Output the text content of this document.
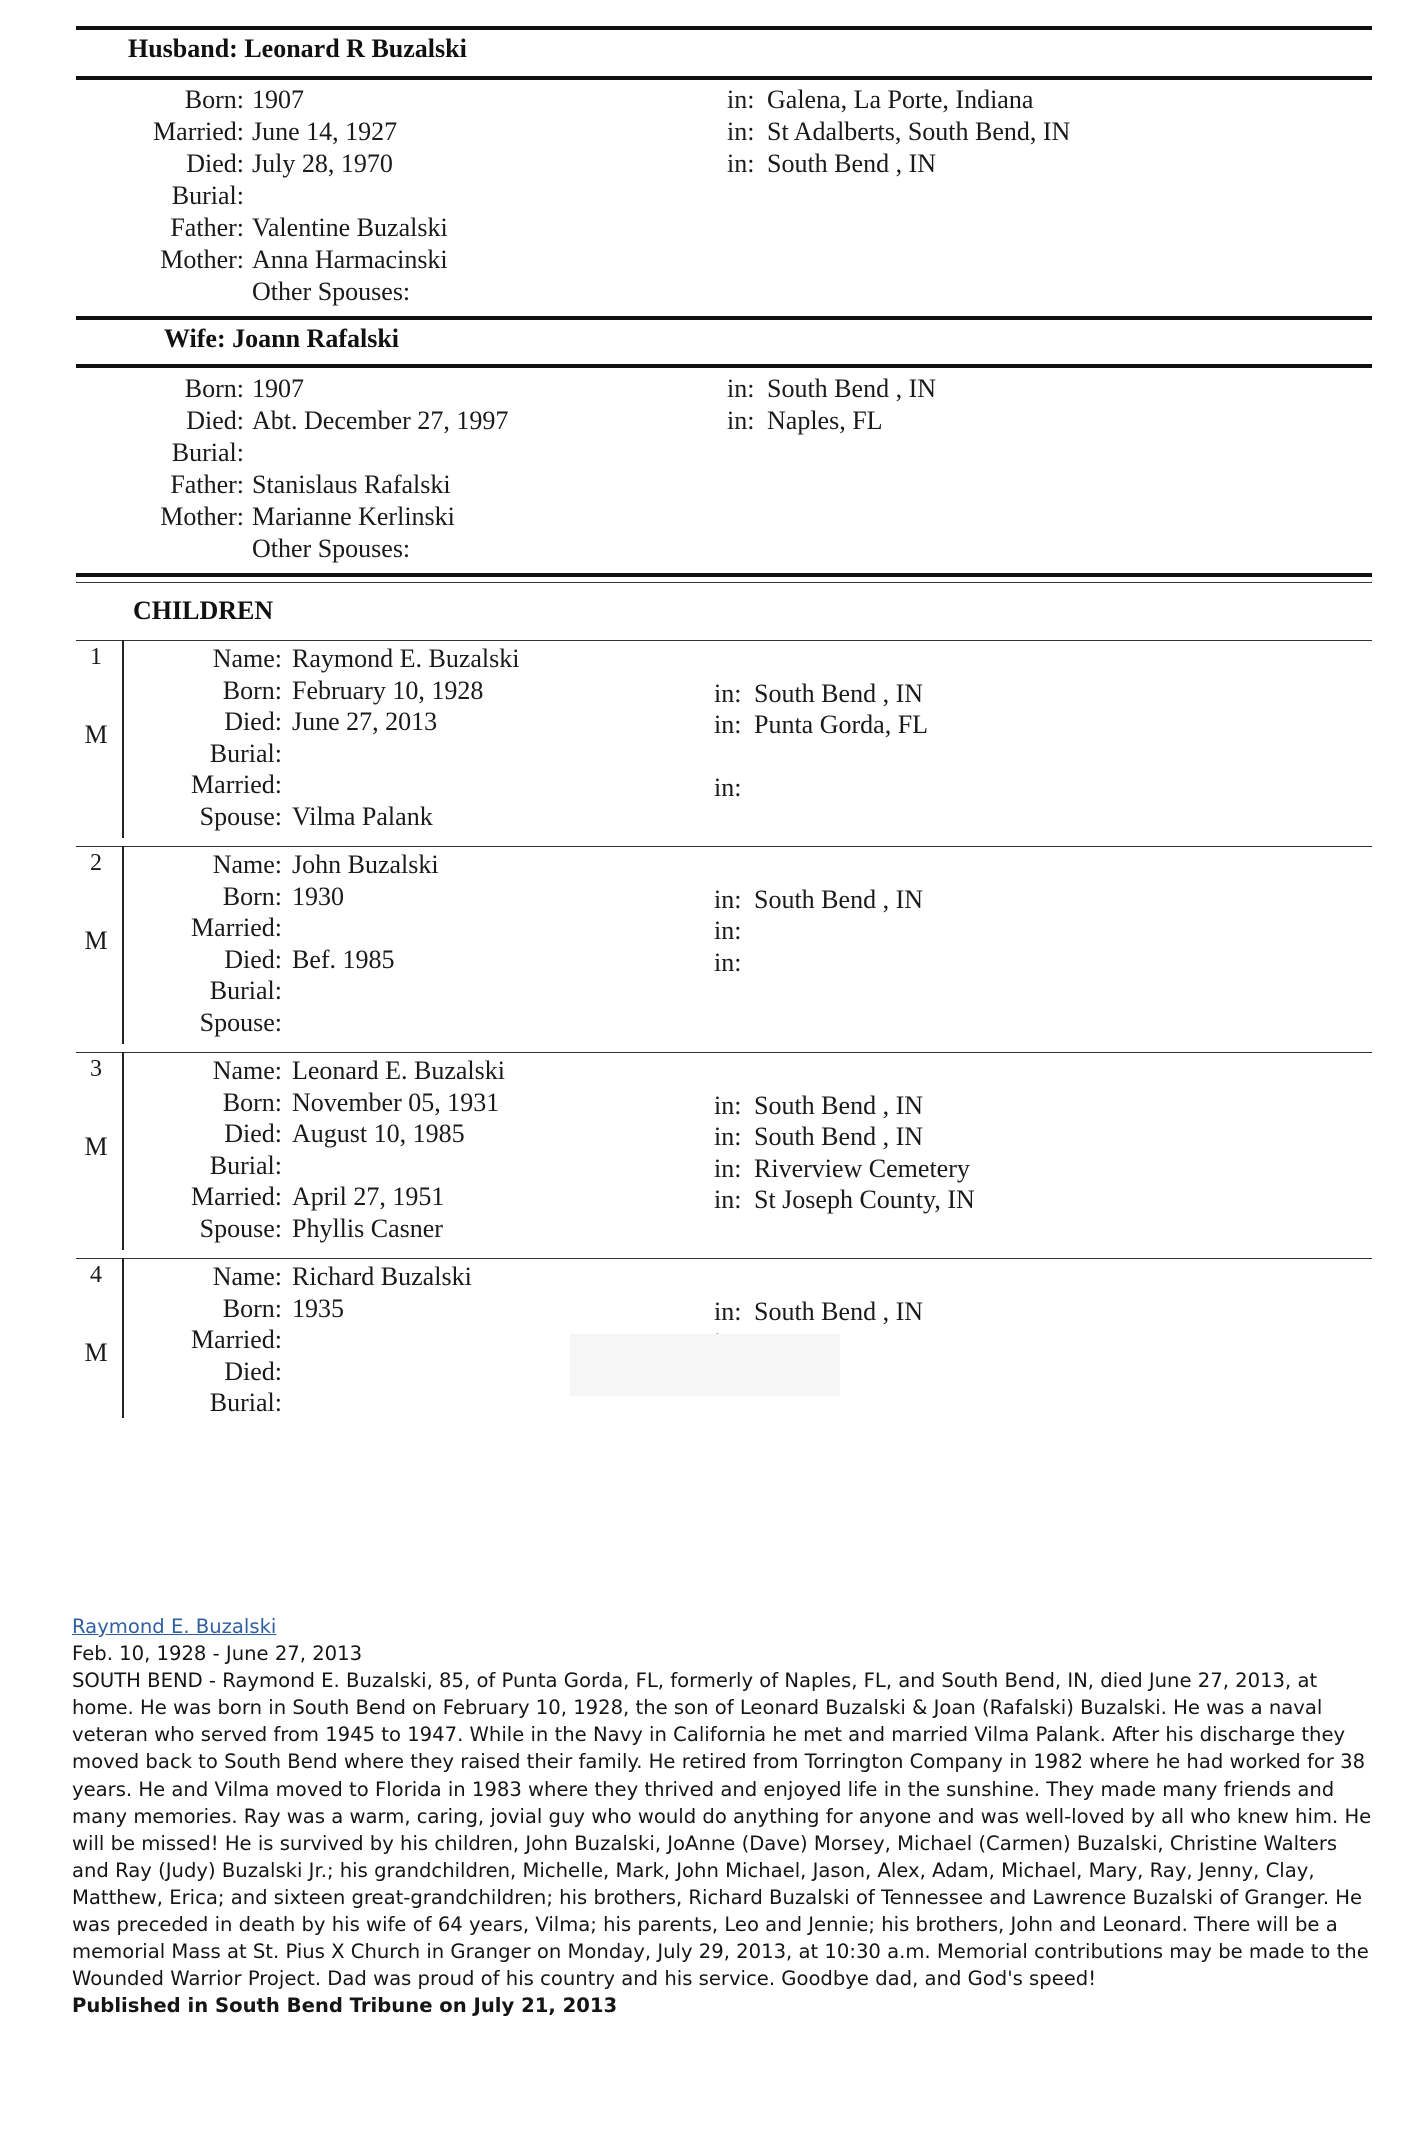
Husband: Leonard R Buzalski
Born: 1907	in: Galena, La Porte, Indiana
Married: June 14, 1927	in: St Adalberts, South Bend, IN
Died: July 28, 1970	in: South Bend , IN
Burial:
Father: Valentine Buzalski
Mother: Anna Harmacinski
Other Spouses:
Wife: Joann Rafalski
Born: 1907	in: South Bend , IN
Died: Abt. December 27, 1997	in: Naples, FL
Burial:
Father: Stanislaus Rafalski
Mother: Marianne Kerlinski
Other Spouses:
CHILDREN
1
M
Name: Raymond E. Buzalski
Born: February 10, 1928	in: South Bend , IN
Died: June 27, 2013	in: Punta Gorda, FL
Burial:
Married:	in:
Spouse: Vilma Palank
2
M
Name: John Buzalski
Born: 1930	in: South Bend , IN
Married:	in:
Died: Bef. 1985	in:
Burial:
Spouse:
3
M
Name: Leonard E. Buzalski
Born: November 05, 1931	in: South Bend , IN
Died: August 10, 1985	in: South Bend , IN
Burial:	in: Riverview Cemetery
Married: April 27, 1951	in: St Joseph County, IN
Spouse: Phyllis Casner
4
M
Name: Richard Buzalski
Born: 1935	in: South Bend , IN
Married:
Died:
Burial:
Raymond E. Buzalski
Feb. 10, 1928 - June 27, 2013
SOUTH BEND - Raymond E. Buzalski, 85, of Punta Gorda, FL, formerly of Naples, FL, and South Bend, IN, died June 27, 2013, at home. He was born in South Bend on February 10, 1928, the son of Leonard Buzalski & Joan (Rafalski) Buzalski. He was a naval veteran who served from 1945 to 1947. While in the Navy in California he met and married Vilma Palank. After his discharge they moved back to South Bend where they raised their family. He retired from Torrington Company in 1982 where he had worked for 38 years. He and Vilma moved to Florida in 1983 where they thrived and enjoyed life in the sunshine. They made many friends and many memories. Ray was a warm, caring, jovial guy who would do anything for anyone and was well-loved by all who knew him. He will be missed! He is survived by his children, John Buzalski, JoAnne (Dave) Morsey, Michael (Carmen) Buzalski, Christine Walters and Ray (Judy) Buzalski Jr.; his grandchildren, Michelle, Mark, John Michael, Jason, Alex, Adam, Michael, Mary, Ray, Jenny, Clay, Matthew, Erica; and sixteen great-grandchildren; his brothers, Richard Buzalski of Tennessee and Lawrence Buzalski of Granger. He was preceded in death by his wife of 64 years, Vilma; his parents, Leo and Jennie; his brothers, John and Leonard. There will be a memorial Mass at St. Pius X Church in Granger on Monday, July 29, 2013, at 10:30 a.m. Memorial contributions may be made to the Wounded Warrior Project. Dad was proud of his country and his service. Goodbye dad, and God's speed!
Published in South Bend Tribune on July 21, 2013
